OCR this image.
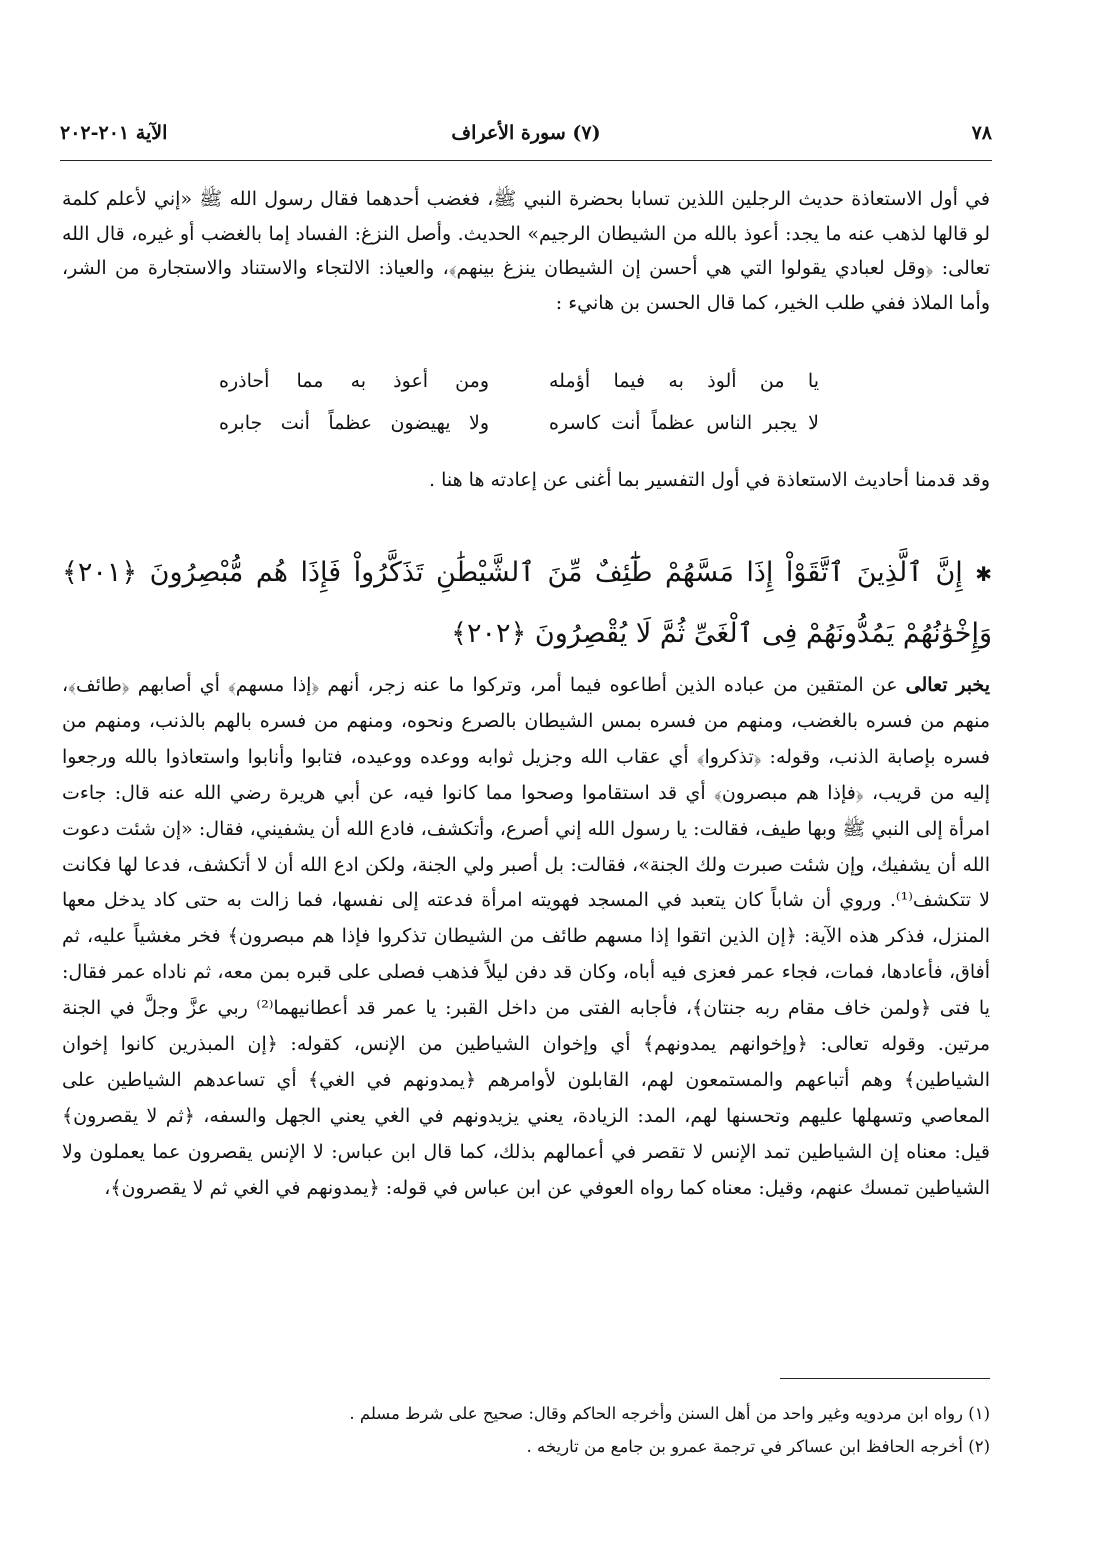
٧٨
(٧) سورة الأعراف
الآية ٢٠١-٢٠٢
في أول الاستعاذة حديث الرجلين اللذين تسابا بحضرة النبي ﷺ، فغضب أحدهما فقال رسول الله ﷺ «إني لأعلم كلمة لو قالها لذهب عنه ما يجد: أعوذ بالله من الشيطان الرجيم» الحديث. وأصل النزغ: الفساد إما بالغضب أو غيره، قال الله تعالى: ﴿وقل لعبادي يقولوا التي هي أحسن إن الشيطان ينزغ بينهم﴾، والعياذ: الالتجاء والاستناد والاستجارة من الشر، وأما الملاذ ففي طلب الخير، كما قال الحسن بن هانيء :
يا من ألوذ به فيما أؤمله
ومن أعوذ به مما أحاذره
لا يجبر الناس عظماً أنت كاسره
ولا يهيضون عظماً أنت جابره
وقد قدمنا أحاديث الاستعاذة في أول التفسير بما أغنى عن إعادته ها هنا .
✱ إِنَّ ٱلَّذِينَ ٱتَّقَوْاْ إِذَا مَسَّهُمْ طَٰٓئِفٌ مِّنَ ٱلشَّيْطَٰنِ تَذَكَّرُواْ فَإِذَا هُم مُّبْصِرُونَ ﴿٢٠١﴾ وَإِخْوَٰنُهُمْ يَمُدُّونَهُمْ فِى ٱلْغَىِّ ثُمَّ لَا يُقْصِرُونَ ﴿٢٠٢﴾
يخبر تعالى عن المتقين من عباده الذين أطاعوه فيما أمر، وتركوا ما عنه زجر، أنهم ﴿إذا مسهم﴾ أي أصابهم ﴿طائف﴾، منهم من فسره بالغضب، ومنهم من فسره بمس الشيطان بالصرع ونحوه، ومنهم من فسره بالهم بالذنب، ومنهم من فسره بإصابة الذنب، وقوله: ﴿تذكروا﴾ أي عقاب الله وجزيل ثوابه ووعده ووعيده، فتابوا وأنابوا واستعاذوا بالله ورجعوا إليه من قريب، ﴿فإذا هم مبصرون﴾ أي قد استقاموا وصحوا مما كانوا فيه، عن أبي هريرة رضي الله عنه قال: جاءت امرأة إلى النبي ﷺ وبها طيف، فقالت: يا رسول الله إني أصرع، وأتكشف، فادع الله أن يشفيني، فقال: «إن شئت دعوت الله أن يشفيك، وإن شئت صبرت ولك الجنة»، فقالت: بل أصبر ولي الجنة، ولكن ادع الله أن لا أتكشف، فدعا لها فكانت لا تتكشف⁽¹⁾. وروي أن شاباً كان يتعبد في المسجد فهويته امرأة فدعته إلى نفسها، فما زالت به حتى كاد يدخل معها المنزل، فذكر هذه الآية: ﴿إن الذين اتقوا إذا مسهم طائف من الشيطان تذكروا فإذا هم مبصرون﴾ فخر مغشياً عليه، ثم أفاق، فأعادها، فمات، فجاء عمر فعزى فيه أباه، وكان قد دفن ليلاً فذهب فصلى على قبره بمن معه، ثم ناداه عمر فقال: يا فتى ﴿ولمن خاف مقام ربه جنتان﴾، فأجابه الفتى من داخل القبر: يا عمر قد أعطانيهما⁽²⁾ ربي عزَّ وجلَّ في الجنة مرتين. وقوله تعالى: ﴿وإخوانهم يمدونهم﴾ أي وإخوان الشياطين من الإنس، كقوله: ﴿إن المبذرين كانوا إخوان الشياطين﴾ وهم أتباعهم والمستمعون لهم، القابلون لأوامرهم ﴿يمدونهم في الغي﴾ أي تساعدهم الشياطين على المعاصي وتسهلها عليهم وتحسنها لهم، المد: الزيادة، يعني يزيدونهم في الغي يعني الجهل والسفه، ﴿ثم لا يقصرون﴾ قيل: معناه إن الشياطين تمد الإنس لا تقصر في أعمالهم بذلك، كما قال ابن عباس: لا الإنس يقصرون عما يعملون ولا الشياطين تمسك عنهم، وقيل: معناه كما رواه العوفي عن ابن عباس في قوله: ﴿يمدونهم في الغي ثم لا يقصرون﴾،
(١) رواه ابن مردويه وغير واحد من أهل السنن وأخرجه الحاكم وقال: صحيح على شرط مسلم .
(٢) أخرجه الحافظ ابن عساكر في ترجمة عمرو بن جامع من تاريخه .
